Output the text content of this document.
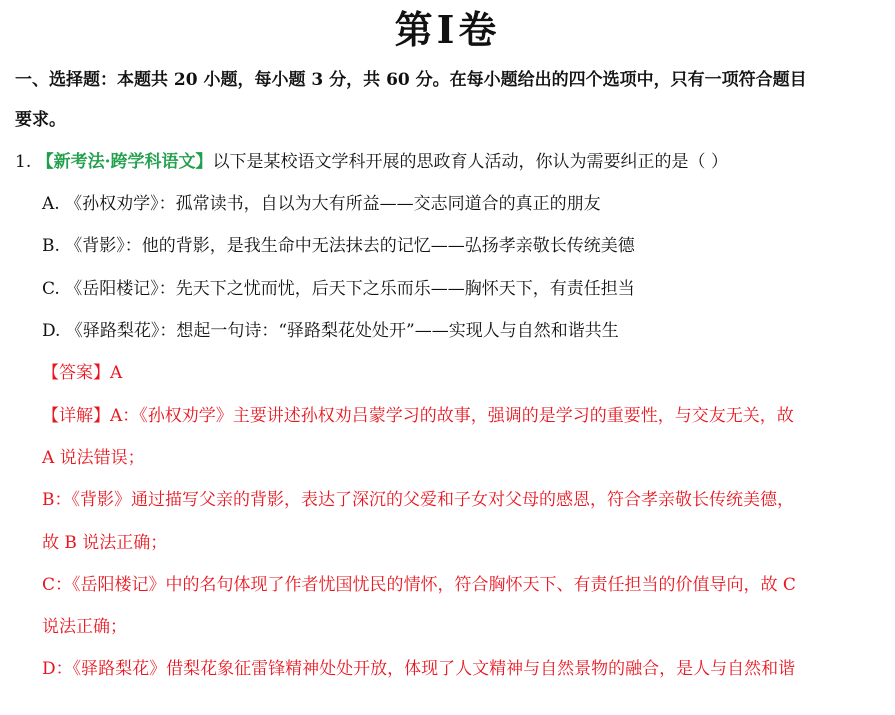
第Ⅰ卷
一、选择题：本题共 20 小题，每小题 3 分，共 60 分。在每小题给出的四个选项中，只有一项符合题目
要求。
1. 【新考法·跨学科语文】以下是某校语文学科开展的思政育人活动，你认为需要纠正的是（ ）
A. 《孙权劝学》：孤常读书，自以为大有所益——交志同道合的真正的朋友
B. 《背影》：他的背影，是我生命中无法抹去的记忆——弘扬孝亲敬长传统美德
C. 《岳阳楼记》：先天下之忧而忧，后天下之乐而乐——胸怀天下，有责任担当
D. 《驿路梨花》：想起一句诗：“驿路梨花处处开”——实现人与自然和谐共生
【答案】A
【详解】A：《孙权劝学》主要讲述孙权劝吕蒙学习的故事，强调的是学习的重要性，与交友无关，故
A 说法错误；
B：《背影》通过描写父亲的背影，表达了深沉的父爱和子女对父母的感恩，符合孝亲敬长传统美德，
故 B 说法正确；
C：《岳阳楼记》中的名句体现了作者忧国忧民的情怀，符合胸怀天下、有责任担当的价值导向，故 C
说法正确；
D：《驿路梨花》借梨花象征雷锋精神处处开放，体现了人文精神与自然景物的融合，是人与自然和谐
